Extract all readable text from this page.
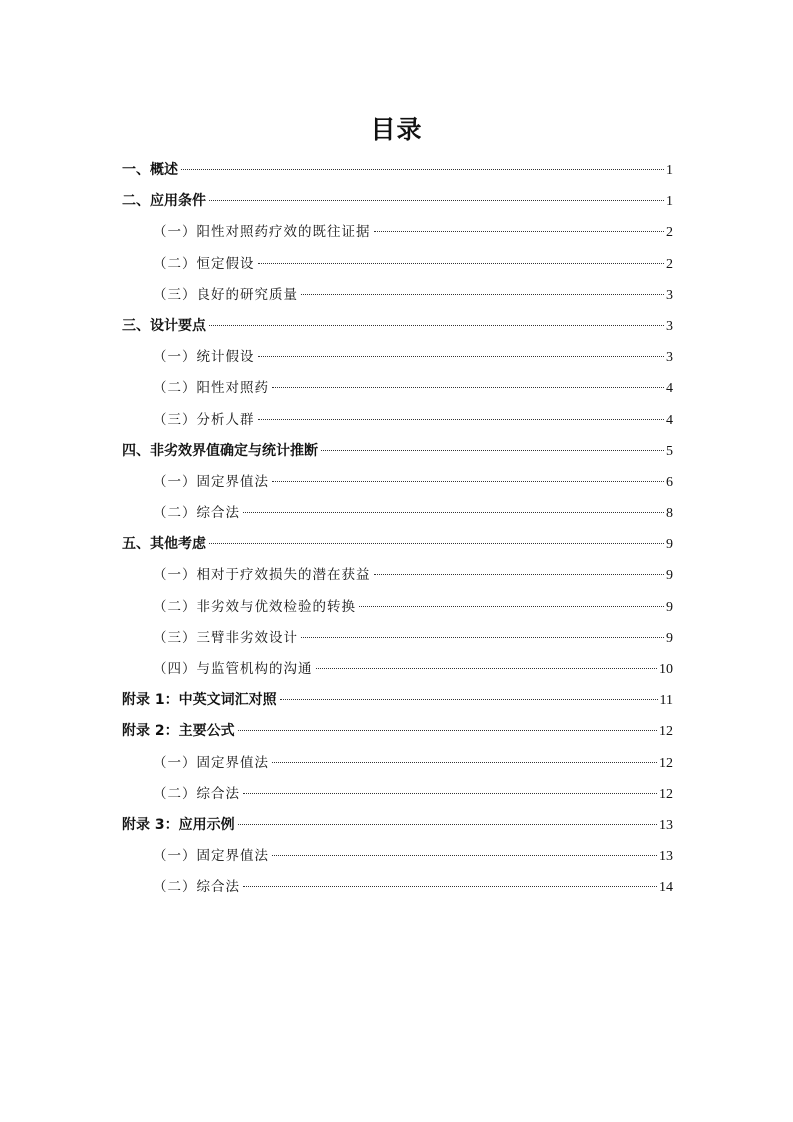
目录
一、概述	1
二、应用条件	1
（一）阳性对照药疗效的既往证据	2
（二）恒定假设	2
（三）良好的研究质量	3
三、设计要点	3
（一）统计假设	3
（二）阳性对照药	4
（三）分析人群	4
四、非劣效界值确定与统计推断	5
（一）固定界值法	6
（二）综合法	8
五、其他考虑	9
（一）相对于疗效损失的潜在获益	9
（二）非劣效与优效检验的转换	9
（三）三臂非劣效设计	9
（四）与监管机构的沟通	10
附录 1：中英文词汇对照	11
附录 2：主要公式	12
（一）固定界值法	12
（二）综合法	12
附录 3：应用示例	13
（一）固定界值法	13
（二）综合法	14
